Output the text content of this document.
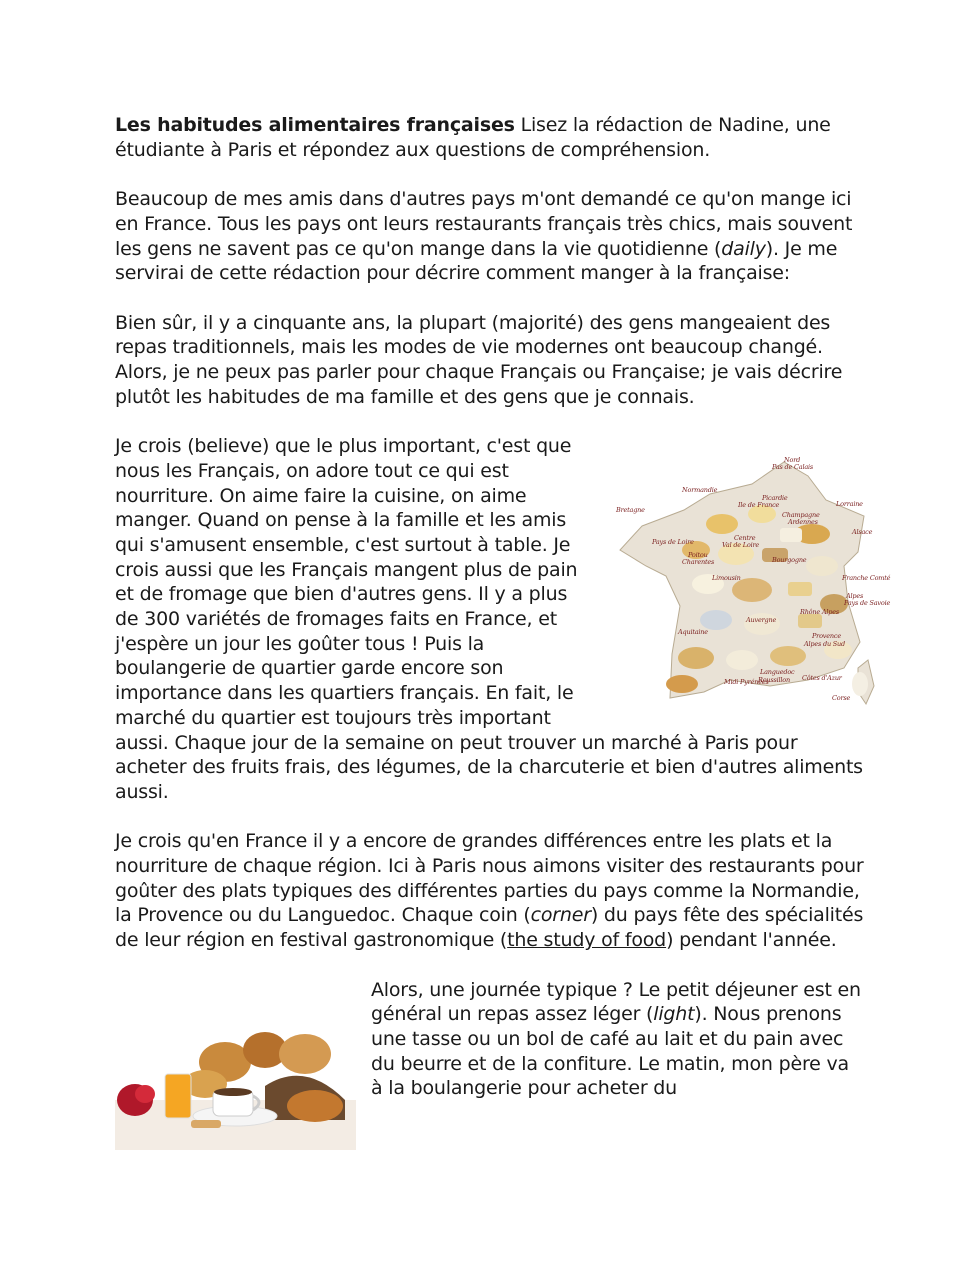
Les habitudes alimentaires françaises Lisez la rédaction de Nadine, une étudiante à Paris et répondez aux questions de compréhension.

Beaucoup de mes amis dans d'autres pays m'ont demandé ce qu'on mange ici en France. Tous les pays ont leurs restaurants français très chics, mais souvent les gens ne savent pas ce qu'on mange dans la vie quotidienne (daily). Je me servirai de cette rédaction pour décrire comment manger à la française:

Bien sûr, il y a cinquante ans, la plupart (majorité) des gens mangeaient des repas traditionnels, mais les modes de vie modernes ont beaucoup changé. Alors, je ne peux pas parler pour chaque Français ou Française; je vais décrire plutôt les habitudes de ma famille et des gens que je connais.

Nord
Pas de Calais
Normandie
Picardie
Ile de France
Bretagne
Lorraine
Champagne
Ardennes
Alsace
Pays de Loire	Centre
Val de Loire
Bourgogne
Poitou
Charentes
Franche Comté
Limousin
Alpes
Pays de Savoie
Auvergne
Rhône Alpes
Aquitaine	Provence
Alpes du Sud
Languedoc
Roussillon
Midi Pyrénées	Côtes d'Azur
Corse

Je crois (believe) que le plus important, c'est que nous les Français, on adore tout ce qui est nourriture. On aime faire la cuisine, on aime manger. Quand on pense à la famille et les amis qui s'amusent ensemble, c'est surtout à table. Je crois aussi que les Français mangent plus de pain et de fromage que bien d'autres gens. Il y a plus de 300 variétés de fromages faits en France, et j'espère un jour les goûter tous ! Puis la boulangerie de quartier garde encore son importance dans les quartiers français. En fait, le marché du quartier est toujours très important aussi. Chaque jour de la semaine on peut trouver un marché à Paris pour acheter des fruits frais, des légumes, de la charcuterie et bien d'autres aliments aussi.

Je crois qu'en France il y a encore de grandes différences entre les plats et la nourriture de chaque région. Ici à Paris nous aimons visiter des restaurants pour goûter des plats typiques des différentes parties du pays comme la Normandie, la Provence ou du Languedoc. Chaque coin (corner) du pays fête des spécialités de leur région en festival gastronomique (the study of food) pendant l'année.

Alors, une journée typique ? Le petit déjeuner est en général un repas assez léger (light). Nous prenons une tasse ou un bol de café au lait et du pain avec du beurre et de la confiture. Le matin, mon père va à la boulangerie pour acheter du
